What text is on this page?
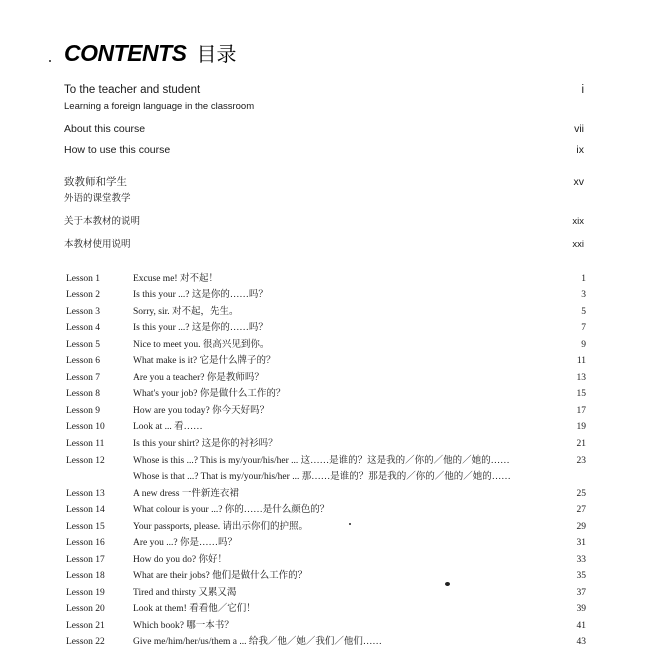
CONTENTS 目录
To the teacher and student	i
Learning a foreign language in the classroom
About this course	vii
How to use this course	ix
致教师和学生	xv
外语的课堂教学
关于本教材的说明	xix
本教材使用说明	xxi
Lesson 1	Excuse me! 对不起！	1
Lesson 2	Is this your ...? 这是你的……吗？	3
Lesson 3	Sorry, sir. 对不起，先生。	5
Lesson 4	Is this your ...? 这是你的……吗？	7
Lesson 5	Nice to meet you. 很高兴见到你。	9
Lesson 6	What make is it? 它是什么牌子的？	11
Lesson 7	Are you a teacher? 你是教师吗？	13
Lesson 8	What's your job? 你是做什么工作的？	15
Lesson 9	How are you today? 你今天好吗？	17
Lesson 10	Look at ... 看……	19
Lesson 11	Is this your shirt? 这是你的衬衫吗？	21
Lesson 12	Whose is this ...? This is my/your/his/her ... 这……是谁的？这是我的／你的／他的／她的……	23
Whose is that ...? That is my/your/his/her ... 那……是谁的？那是我的／你的／他的／她的……
Lesson 13	A new dress 一件新连衣裙	25
Lesson 14	What colour is your ...? 你的……是什么颜色的？	27
Lesson 15	Your passports, please. 请出示你们的护照。	29
Lesson 16	Are you ...? 你是……吗？	31
Lesson 17	How do you do? 你好！	33
Lesson 18	What are their jobs? 他们是做什么工作的？	35
Lesson 19	Tired and thirsty 又累又渴	37
Lesson 20	Look at them! 看看他／它们！	39
Lesson 21	Which book? 哪一本书？	41
Lesson 22	Give me/him/her/us/them a ... 给我／他／她／我们／他们……	43
